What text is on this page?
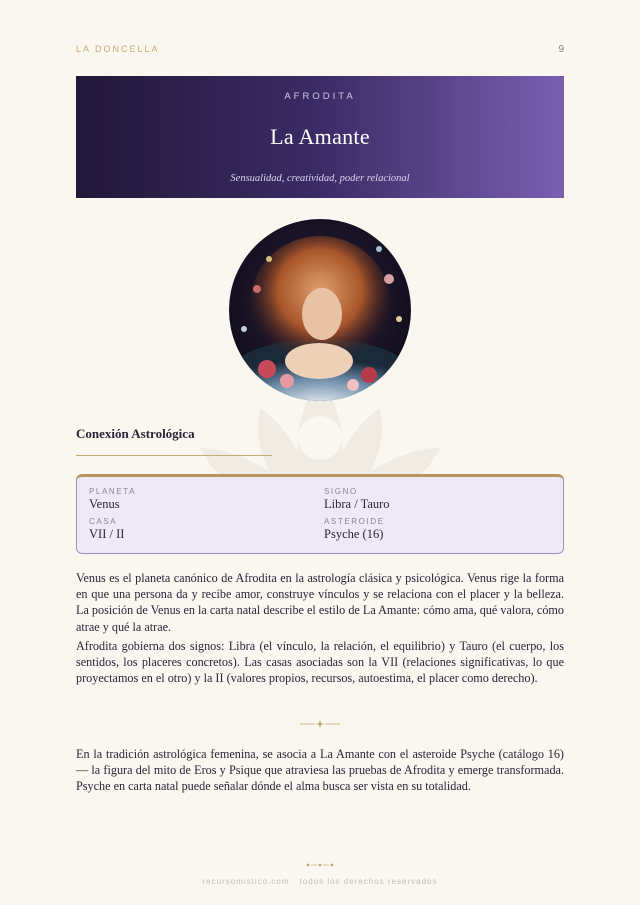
LA DONCELLA	9
AFRODITA
La Amante
Sensualidad, creatividad, poder relacional
Conexión Astrológica
PLANETA
Venus
SIGNO
Libra / Tauro
CASA
VII / II
ASTEROIDE
Psyche (16)

Venus es el planeta canónico de Afrodita en la astrología clásica y psicológica. Venus rige la forma en que una persona da y recibe amor, construye vínculos y se relaciona con el placer y la belleza. La posición de Venus en la carta natal describe el estilo de La Amante: cómo ama, qué valora, cómo atrae y qué la atrae.

Afrodita gobierna dos signos: Libra (el vínculo, la relación, el equilibrio) y Tauro (el cuerpo, los sentidos, los placeres concretos). Las casas asociadas son la VII (relaciones significativas, lo que proyectamos en el otro) y la II (valores propios, recursos, autoestima, el placer como derecho).

En la tradición astrológica femenina, se asocia a La Amante con el asteroide Psyche (catálogo 16) — la figura del mito de Eros y Psique que atraviesa las pruebas de Afrodita y emerge transformada. Psyche en carta natal puede señalar dónde el alma busca ser vista en su totalidad.

recursomistico.com · todos los derechos reservados
